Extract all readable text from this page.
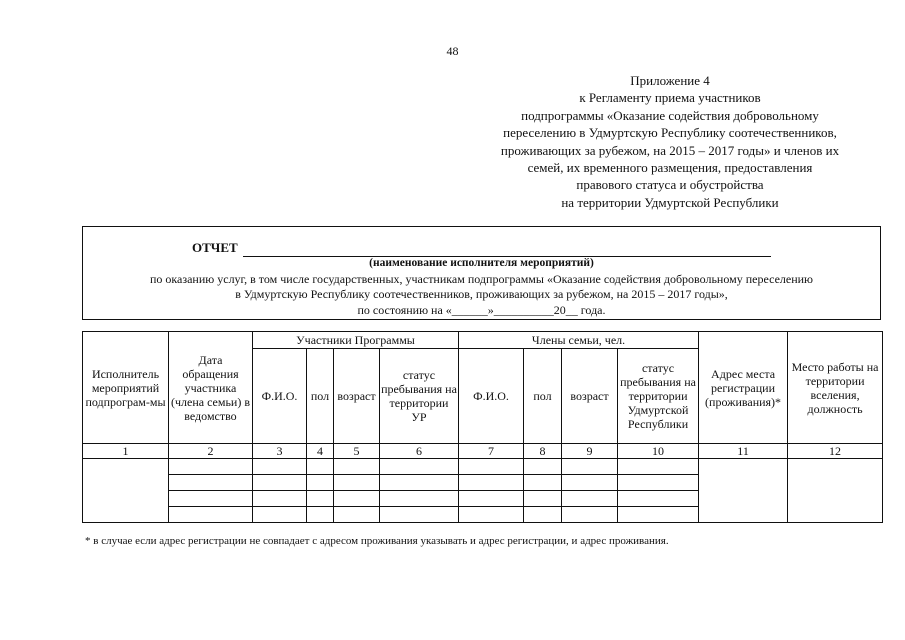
48
Приложение 4
к Регламенту приема участников
подпрограммы «Оказание содействия добровольному
переселению в Удмуртскую Республику соотечественников,
проживающих за рубежом, на 2015 – 2017 годы» и членов их
семей, их временного размещения, предоставления
правового статуса и обустройства
на территории Удмуртской Республики
ОТЧЕТ
(наименование исполнителя мероприятий)
по оказанию услуг, в том числе государственных, участникам подпрограммы «Оказание содействия добровольному переселению
в Удмуртскую Республику соотечественников, проживающих за рубежом, на 2015 – 2017 годы»,
по состоянию на «______»__________20__ года.
Исполнитель мероприятий подпрограм-мы	Дата обращения участника (члена семьи) в ведомство	Участники Программы				Члены семьи, чел.				Адрес места регистрации (проживания)*	Место работы на территории вселения, должность
		Ф.И.О.	пол	возраст	статус пребывания на территории УР	Ф.И.О.	пол	возраст	статус пребывания на территории Удмуртской Республики		
1	2	3	4	5	6	7	8	9	10	11	12

* в случае если адрес регистрации не совпадает с адресом проживания указывать и адрес регистрации, и адрес проживания.
